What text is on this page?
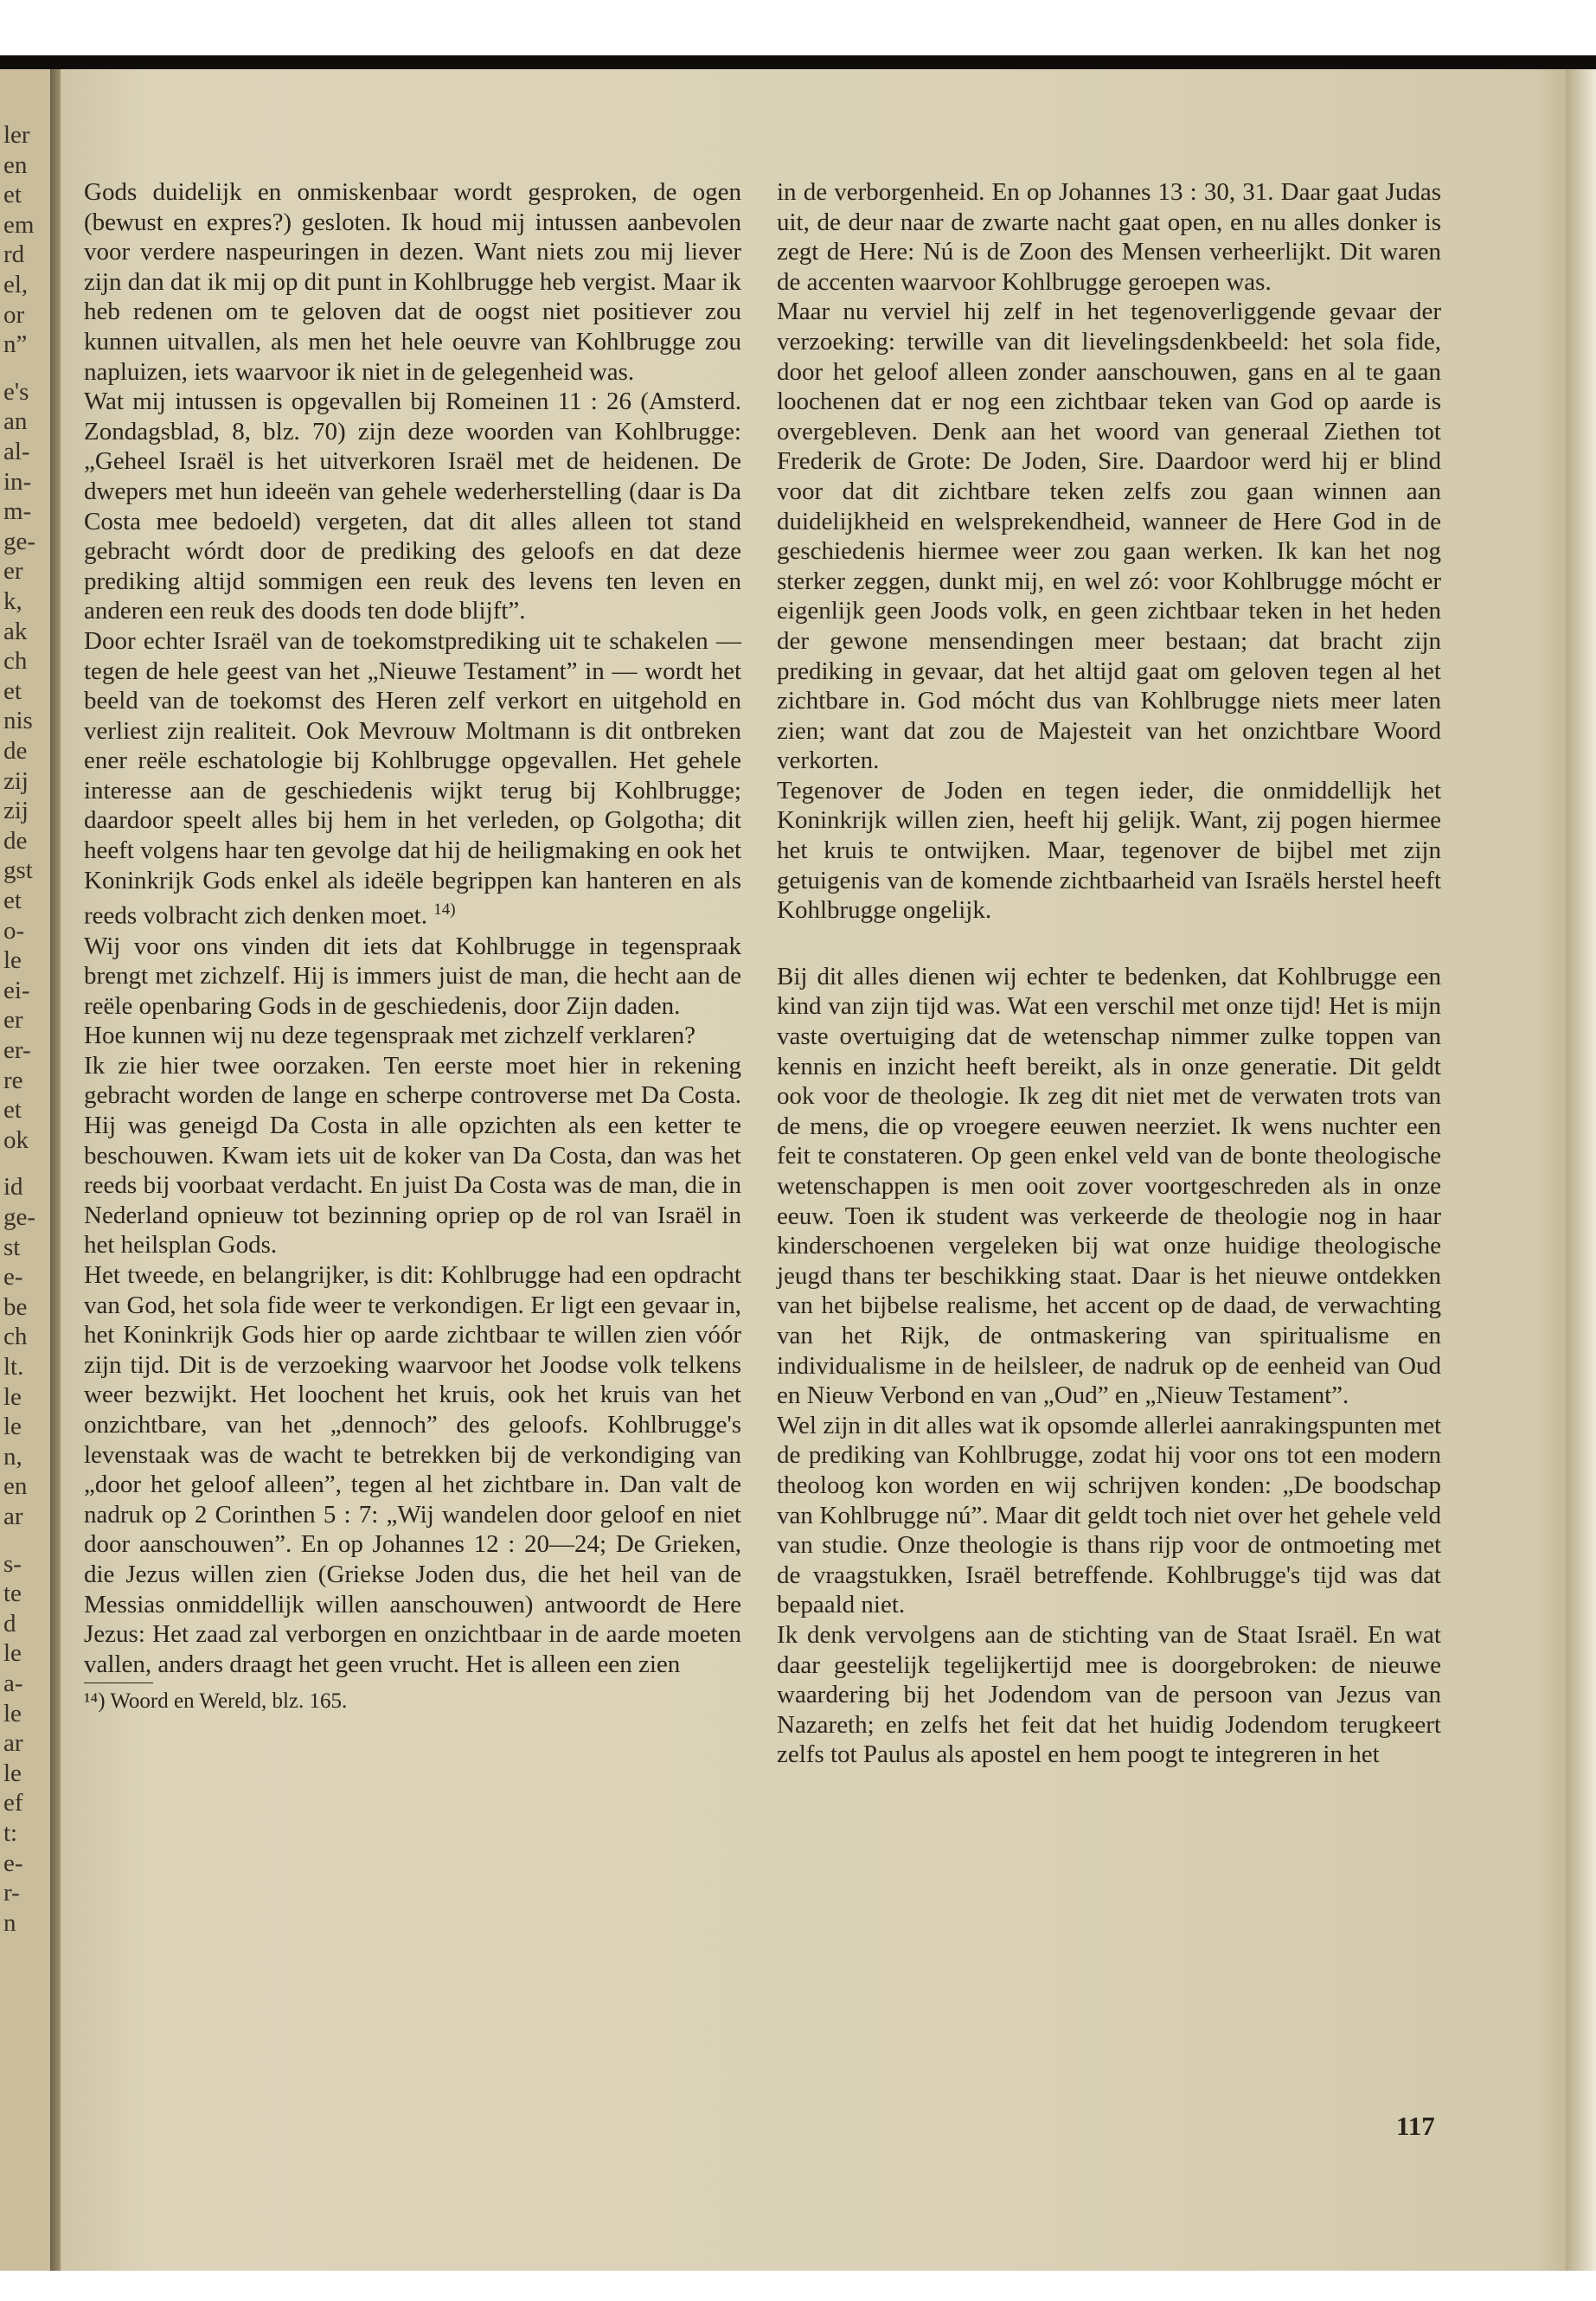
ler
en
et
em
rd
el,
or
n”
e's
an
al-
in-
m-
ge-
er
k,
ak
ch
et
nis
de
zij
zij
de
gst
et
o-
le
ei-
er
er-
re
et
ok
id
ge-
st
e-
be
ch
lt.
le
le
n,
en
ar
s-
te
d
le
a-
le
ar
le
ef
t:
e-
r-
n

Gods duidelijk en onmiskenbaar wordt gesproken, de ogen (bewust en expres?) gesloten. Ik houd mij intussen aanbevolen voor verdere naspeuringen in dezen. Want niets zou mij liever zijn dan dat ik mij op dit punt in Kohlbrugge heb vergist. Maar ik heb redenen om te geloven dat de oogst niet positiever zou kunnen uitvallen, als men het hele oeuvre van Kohlbrugge zou napluizen, iets waarvoor ik niet in de gelegenheid was.

Wat mij intussen is opgevallen bij Romeinen 11 : 26 (Amsterd. Zondagsblad, 8, blz. 70) zijn deze woorden van Kohlbrugge: „Geheel Israël is het uitverkoren Israël met de heidenen. De dwepers met hun ideeën van gehele wederherstelling (daar is Da Costa mee bedoeld) vergeten, dat dit alles alleen tot stand gebracht wórdt door de prediking des geloofs en dat deze prediking altijd sommigen een reuk des levens ten leven en anderen een reuk des doods ten dode blijft”.

Door echter Israël van de toekomstprediking uit te schakelen — tegen de hele geest van het „Nieuwe Testament” in — wordt het beeld van de toekomst des Heren zelf verkort en uitgehold en verliest zijn realiteit. Ook Mevrouw Moltmann is dit ontbreken ener reële eschatologie bij Kohlbrugge opgevallen. Het gehele interesse aan de geschiedenis wijkt terug bij Kohlbrugge; daardoor speelt alles bij hem in het verleden, op Golgotha; dit heeft volgens haar ten gevolge dat hij de heiligmaking en ook het Koninkrijk Gods enkel als ideële begrippen kan hanteren en als reeds volbracht zich denken moet. $^{14)}$

Wij voor ons vinden dit iets dat Kohlbrugge in tegenspraak brengt met zichzelf. Hij is immers juist de man, die hecht aan de reële openbaring Gods in de geschiedenis, door Zijn daden.

Hoe kunnen wij nu deze tegenspraak met zichzelf verklaren?

Ik zie hier twee oorzaken. Ten eerste moet hier in rekening gebracht worden de lange en scherpe controverse met Da Costa. Hij was geneigd Da Costa in alle opzichten als een ketter te beschouwen. Kwam iets uit de koker van Da Costa, dan was het reeds bij voorbaat verdacht. En juist Da Costa was de man, die in Nederland opnieuw tot bezinning opriep op de rol van Israël in het heilsplan Gods.

Het tweede, en belangrijker, is dit: Kohlbrugge had een opdracht van God, het sola fide weer te verkondigen. Er ligt een gevaar in, het Koninkrijk Gods hier op aarde zichtbaar te willen zien vóór zijn tijd. Dit is de verzoeking waarvoor het Joodse volk telkens weer bezwijkt. Het loochent het kruis, ook het kruis van het onzichtbare, van het „dennoch” des geloofs. Kohlbrugge's levenstaak was de wacht te betrekken bij de verkondiging van „door het geloof alleen”, tegen al het zichtbare in. Dan valt de nadruk op 2 Corinthen 5 : 7: „Wij wandelen door geloof en niet door aanschouwen”. En op Johannes 12 : 20—24; De Grieken, die Jezus willen zien (Griekse Joden dus, die het heil van de Messias onmiddellijk willen aanschouwen) antwoordt de Here Jezus: Het zaad zal verborgen en onzichtbaar in de aarde moeten vallen, anders draagt het geen vrucht. Het is alleen een zien

¹⁴) Woord en Wereld, blz. 165.

in de verborgenheid. En op Johannes 13 : 30, 31. Daar gaat Judas uit, de deur naar de zwarte nacht gaat open, en nu alles donker is zegt de Here: Nú is de Zoon des Mensen verheerlijkt. Dit waren de accenten waarvoor Kohlbrugge geroepen was.

Maar nu verviel hij zelf in het tegenoverliggende gevaar der verzoeking: terwille van dit lievelingsdenkbeeld: het sola fide, door het geloof alleen zonder aanschouwen, gans en al te gaan loochenen dat er nog een zichtbaar teken van God op aarde is overgebleven. Denk aan het woord van generaal Ziethen tot Frederik de Grote: De Joden, Sire. Daardoor werd hij er blind voor dat dit zichtbare teken zelfs zou gaan winnen aan duidelijkheid en welsprekendheid, wanneer de Here God in de geschiedenis hiermee weer zou gaan werken. Ik kan het nog sterker zeggen, dunkt mij, en wel zó: voor Kohlbrugge mócht er eigenlijk geen Joods volk, en geen zichtbaar teken in het heden der gewone mensendingen meer bestaan; dat bracht zijn prediking in gevaar, dat het altijd gaat om geloven tegen al het zichtbare in. God mócht dus van Kohlbrugge niets meer laten zien; want dat zou de Majesteit van het onzichtbare Woord verkorten.

Tegenover de Joden en tegen ieder, die onmiddellijk het Koninkrijk willen zien, heeft hij gelijk. Want, zij pogen hiermee het kruis te ontwijken. Maar, tegenover de bijbel met zijn getuigenis van de komende zichtbaarheid van Israëls herstel heeft Kohlbrugge ongelijk.

Bij dit alles dienen wij echter te bedenken, dat Kohlbrugge een kind van zijn tijd was. Wat een verschil met onze tijd! Het is mijn vaste overtuiging dat de wetenschap nimmer zulke toppen van kennis en inzicht heeft bereikt, als in onze generatie. Dit geldt ook voor de theologie. Ik zeg dit niet met de verwaten trots van de mens, die op vroegere eeuwen neerziet. Ik wens nuchter een feit te constateren. Op geen enkel veld van de bonte theologische wetenschappen is men ooit zover voortgeschreden als in onze eeuw. Toen ik student was verkeerde de theologie nog in haar kinderschoenen vergeleken bij wat onze huidige theologische jeugd thans ter beschikking staat. Daar is het nieuwe ontdekken van het bijbelse realisme, het accent op de daad, de verwachting van het Rijk, de ontmaskering van spiritualisme en individualisme in de heilsleer, de nadruk op de eenheid van Oud en Nieuw Verbond en van „Oud” en „Nieuw Testament”.

Wel zijn in dit alles wat ik opsomde allerlei aanrakingspunten met de prediking van Kohlbrugge, zodat hij voor ons tot een modern theoloog kon worden en wij schrijven konden: „De boodschap van Kohlbrugge nú”. Maar dit geldt toch niet over het gehele veld van studie. Onze theologie is thans rijp voor de ontmoeting met de vraagstukken, Israël betreffende. Kohlbrugge's tijd was dat bepaald niet.

Ik denk vervolgens aan de stichting van de Staat Israël. En wat daar geestelijk tegelijkertijd mee is doorgebroken: de nieuwe waardering bij het Jodendom van de persoon van Jezus van Nazareth; en zelfs het feit dat het huidig Jodendom terugkeert zelfs tot Paulus als apostel en hem poogt te integreren in het

117
